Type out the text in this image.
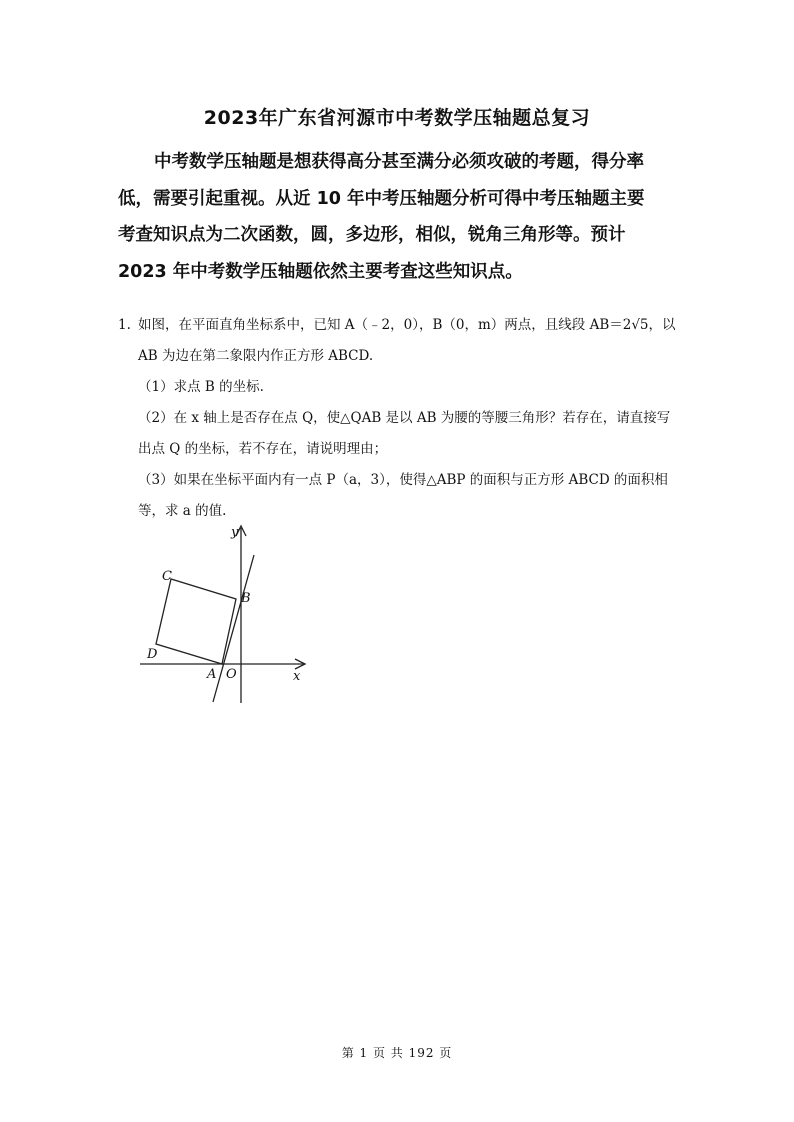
2023年广东省河源市中考数学压轴题总复习
中考数学压轴题是想获得高分甚至满分必须攻破的考题，得分率
低，需要引起重视。从近 10 年中考压轴题分析可得中考压轴题主要
考查知识点为二次函数，圆，多边形，相似，锐角三角形等。预计
2023 年中考数学压轴题依然主要考查这些知识点。
1. 如图，在平面直角坐标系中，已知 A（﹣2，0），B（0，m）两点，且线段 AB＝2√5，以
AB 为边在第二象限内作正方形 ABCD.
（1）求点 B 的坐标.
（2）在 x 轴上是否存在点 Q，使△QAB 是以 AB 为腰的等腰三角形？若存在，请直接写
出点 Q 的坐标，若不存在，请说明理由；
（3）如果在坐标平面内有一点 P（a，3），使得△ABP 的面积与正方形 ABCD 的面积相
等，求 a 的值.
y
x
C
B
D
A O
第 1 页 共 192 页
